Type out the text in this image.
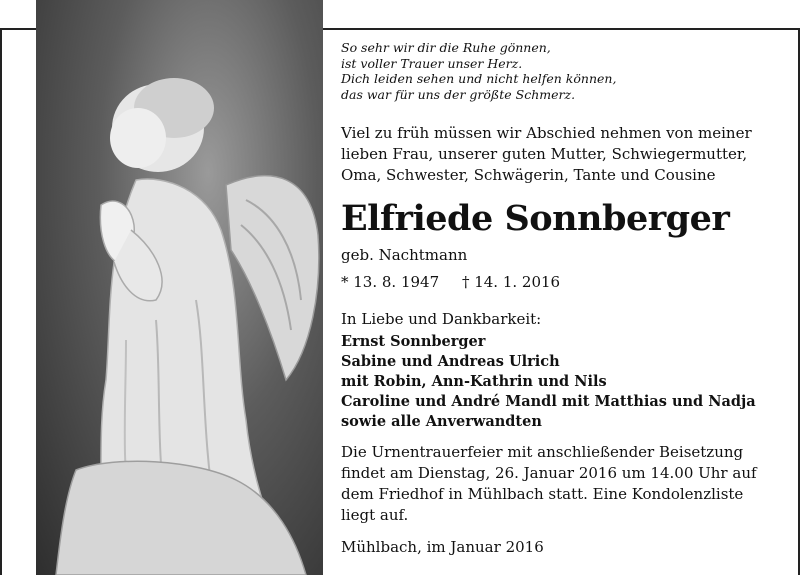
So sehr wir dir die Ruhe gönnen,
ist voller Trauer unser Herz.
Dich leiden sehen und nicht helfen können,
das war für uns der größte Schmerz.
Viel zu früh müssen wir Abschied nehmen von meiner
lieben Frau, unserer guten Mutter, Schwiegermutter,
Oma, Schwester, Schwägerin, Tante und Cousine
Elfriede Sonnberger
geb. Nachtmann
* 13. 8. 1947 † 14. 1. 2016
In Liebe und Dankbarkeit:
Ernst Sonnberger
Sabine und Andreas Ulrich
mit Robin, Ann-Kathrin und Nils
Caroline und André Mandl mit Matthias und Nadja
sowie alle Anverwandten
Die Urnentrauerfeier mit anschließender Beisetzung
findet am Dienstag, 26. Januar 2016 um 14.00 Uhr auf
dem Friedhof in Mühlbach statt. Eine Kondolenzliste
liegt auf.
Mühlbach, im Januar 2016
